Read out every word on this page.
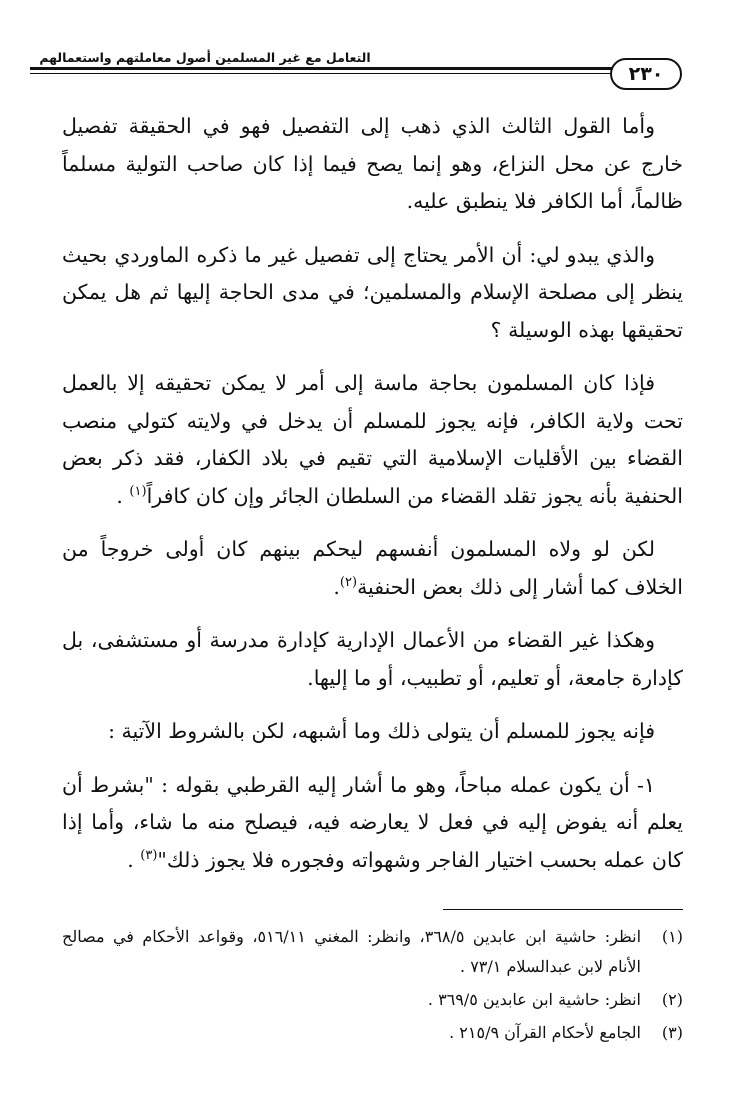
التعامل مع غير المسلمين أصول معاملتهم واستعمالهم
٢٣٠

وأما القول الثالث الذي ذهب إلى التفصيل فهو في الحقيقة تفصيل خارج عن محل النزاع، وهو إنما يصح فيما إذا كان صاحب التولية مسلماً ظالماً، أما الكافر فلا ينطبق عليه.

والذي يبدو لي: أن الأمر يحتاج إلى تفصيل غير ما ذكره الماوردي بحيث ينظر إلى مصلحة الإسلام والمسلمين؛ في مدى الحاجة إليها ثم هل يمكن تحقيقها بهذه الوسيلة ؟

فإذا كان المسلمون بحاجة ماسة إلى أمر لا يمكن تحقيقه إلا بالعمل تحت ولاية الكافر، فإنه يجوز للمسلم أن يدخل في ولايته كتولي منصب القضاء بين الأقليات الإسلامية التي تقيم في بلاد الكفار، فقد ذكر بعض الحنفية بأنه يجوز تقلد القضاء من السلطان الجائر وإن كان كافراً$^{(١)}$ .

لكن لو ولاه المسلمون أنفسهم ليحكم بينهم كان أولى خروجاً من الخلاف كما أشار إلى ذلك بعض الحنفية$^{(٢)}$.

وهكذا غير القضاء من الأعمال الإدارية كإدارة مدرسة أو مستشفى، بل كإدارة جامعة، أو تعليم، أو تطبيب، أو ما إليها.

فإنه يجوز للمسلم أن يتولى ذلك وما أشبهه، لكن بالشروط الآتية :

١- أن يكون عمله مباحاً، وهو ما أشار إليه القرطبي بقوله : "بشرط أن يعلم أنه يفوض إليه في فعل لا يعارضه فيه، فيصلح منه ما شاء، وأما إذا كان عمله بحسب اختيار الفاجر وشهواته وفجوره فلا يجوز ذلك"$^{(٣)}$ .

(١)
انظر: حاشية ابن عابدين ٣٦٨/٥، وانظر: المغني ٥١٦/١١، وقواعد الأحكام في مصالح الأنام لابن عبدالسلام ٧٣/١ .
(٢)
انظر: حاشية ابن عابدين ٣٦٩/٥ .
(٣)
الجامع لأحكام القرآن ٢١٥/٩ .
